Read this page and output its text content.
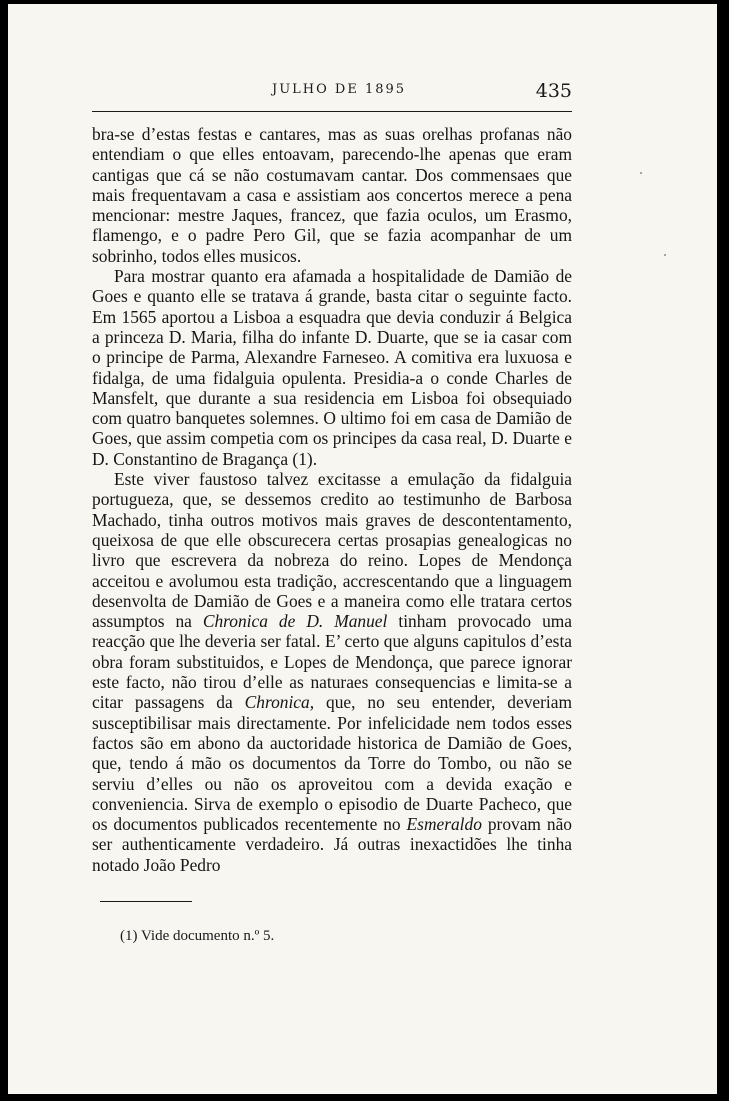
JULHO DE 1895	435

bra-se d’estas festas e cantares, mas as suas orelhas profanas não entendiam o que elles entoavam, parecendo-lhe apenas que eram cantigas que cá se não costumavam cantar. Dos commensaes que mais frequentavam a casa e assistiam aos concertos merece a pena mencionar: mestre Jaques, francez, que fazia oculos, um Erasmo, flamengo, e o padre Pero Gil, que se fazia acompanhar de um sobrinho, todos elles musicos.

Para mostrar quanto era afamada a hospitalidade de Damião de Goes e quanto elle se tratava á grande, basta citar o seguinte facto. Em 1565 aportou a Lisboa a esquadra que devia conduzir á Belgica a princeza D. Maria, filha do infante D. Duarte, que se ia casar com o principe de Parma, Alexandre Farneseo. A comitiva era luxuosa e fidalga, de uma fidalguia opulenta. Presidia-a o conde Charles de Mansfelt, que durante a sua residencia em Lisboa foi obsequiado com quatro banquetes solemnes. O ultimo foi em casa de Damião de Goes, que assim competia com os principes da casa real, D. Duarte e D. Constantino de Bragança (1).

Este viver faustoso talvez excitasse a emulação da fidalguia portugueza, que, se dessemos credito ao testimunho de Barbosa Machado, tinha outros motivos mais graves de descontentamento, queixosa de que elle obscurecera certas prosapias genealogicas no livro que escrevera da nobreza do reino. Lopes de Mendonça acceitou e avolumou esta tradição, accrescentando que a linguagem desenvolta de Damião de Goes e a maneira como elle tratara certos assumptos na Chronica de D. Manuel tinham provocado uma reacção que lhe deveria ser fatal. E’ certo que alguns capitulos d’esta obra foram substituidos, e Lopes de Mendonça, que parece ignorar este facto, não tirou d’elle as naturaes consequencias e limita-se a citar passagens da Chronica, que, no seu entender, deveriam susceptibilisar mais directamente. Por infelicidade nem todos esses factos são em abono da auctoridade historica de Damião de Goes, que, tendo á mão os documentos da Torre do Tombo, ou não se serviu d’elles ou não os aproveitou com a devida exação e conveniencia. Sirva de exemplo o episodio de Duarte Pacheco, que os documentos publicados recentemente no Esmeraldo provam não ser authenticamente verdadeiro. Já outras inexactidões lhe tinha notado João Pedro

(1) Vide documento n.º 5.
